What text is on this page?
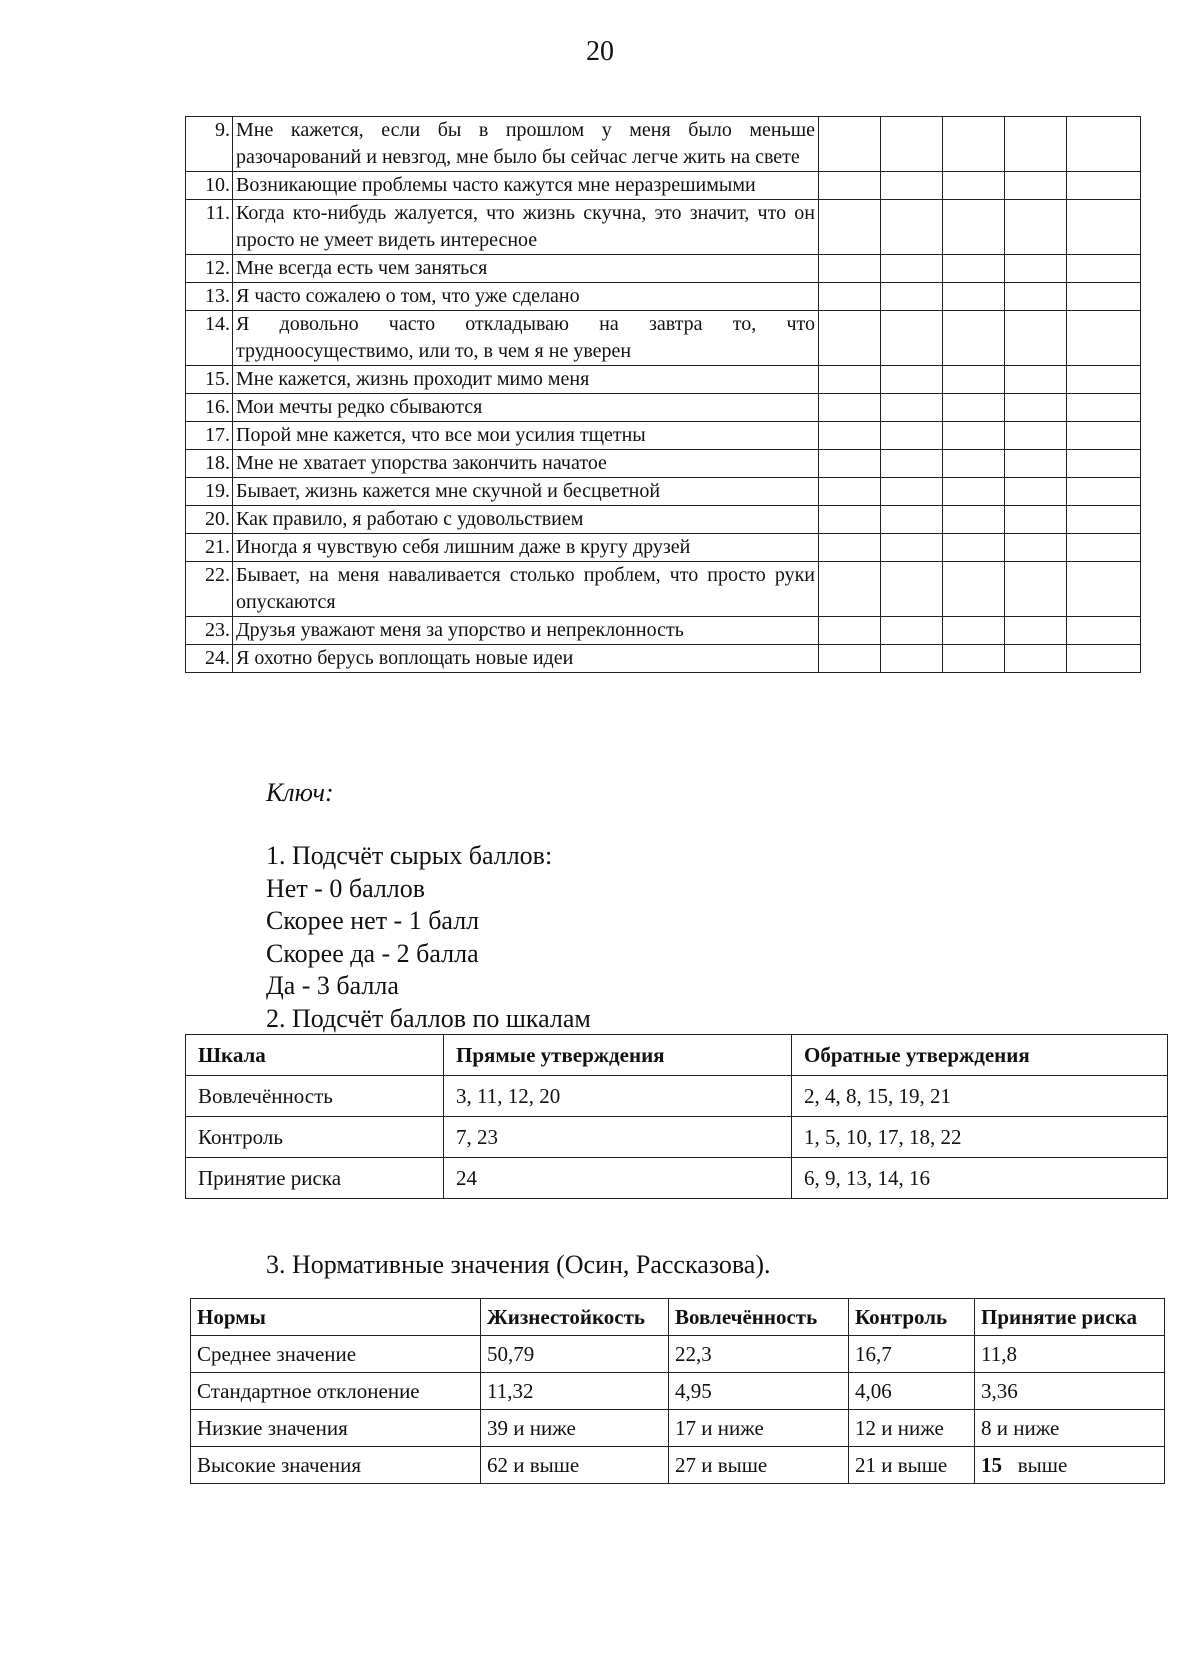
20
9.	Мне кажется, если бы в прошлом у меня было меньше разочарований и невзгод, мне было бы сейчас легче жить на свете					
10.	Возникающие проблемы часто кажутся мне неразрешимыми					
11.	Когда кто-нибудь жалуется, что жизнь скучна, это значит, что он просто не умеет видеть интересное					
12.	Мне всегда есть чем заняться					
13.	Я часто сожалею о том, что уже сделано					
14.	Я довольно часто откладываю на завтра то, что трудноосуществимо, или то, в чем я не уверен					
15.	Мне кажется, жизнь проходит мимо меня					
16.	Мои мечты редко сбываются					
17.	Порой мне кажется, что все мои усилия тщетны					
18.	Мне не хватает упорства закончить начатое					
19.	Бывает, жизнь кажется мне скучной и бесцветной					
20.	Как правило, я работаю с удовольствием					
21.	Иногда я чувствую себя лишним даже в кругу друзей					
22.	Бывает, на меня наваливается столько проблем, что просто руки опускаются					
23.	Друзья уважают меня за упорство и непреклонность					
24.	Я охотно берусь воплощать новые идеи					
Ключ:
1. Подсчёт сырых баллов:
Нет - 0 баллов
Скорее нет - 1 балл
Скорее да - 2 балла
Да - 3 балла
2. Подсчёт баллов по шкалам
Шкала	Прямые утверждения	Обратные утверждения
Вовлечённость	3, 11, 12, 20	2, 4, 8, 15, 19, 21
Контроль	7, 23	1, 5, 10, 17, 18, 22
Принятие риска	24	6, 9, 13, 14, 16
3. Нормативные значения (Осин, Рассказова).
Нормы	Жизнестойкость	Вовлечённость	Контроль	Принятие риска
Среднее значение	50,79	22,3	16,7	11,8
Стандартное отклонение	11,32	4,95	4,06	3,36
Низкие значения	39 и ниже	17 и ниже	12 и ниже	8 и ниже
Высокие значения	62 и выше	27 и выше	21 и выше	15 выше
